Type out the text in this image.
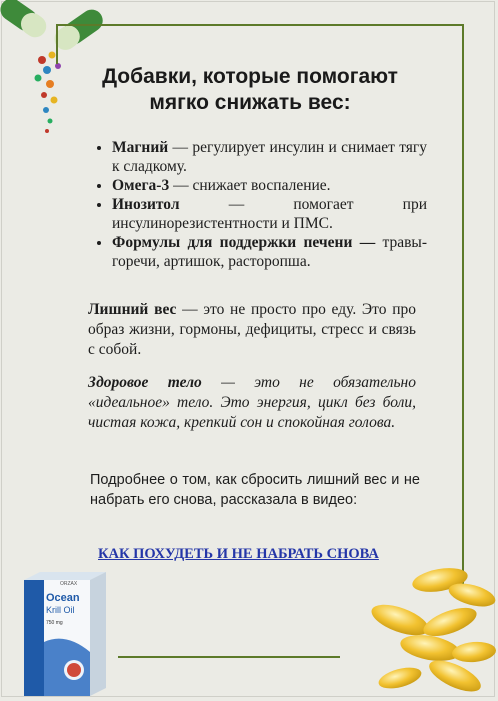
Добавки, которые помогают мягко снижать вес:
• Магний — регулирует инсулин и снимает тягу к сладкому.
• Омега-3 — снижает воспаление.
• Инозитол — помогает при инсулинорезистентности и ПМС.
• Формулы для поддержки печени — травы-горечи, артишок, расторопша.

Лишний вес — это не просто про еду. Это про образ жизни, гормоны, дефициты, стресс и связь с собой.

Здоровое тело — это не обязательно «идеальное» тело. Это энергия, цикл без боли, чистая кожа, крепкий сон и спокойная голова.

Подробнее о том, как сбросить лишний вес и не набрать его снова, рассказала в видео:

КАК ПОХУДЕТЬ И НЕ НАБРАТЬ СНОВА
ORZAX
Ocean
Krill Oil
750 mg
